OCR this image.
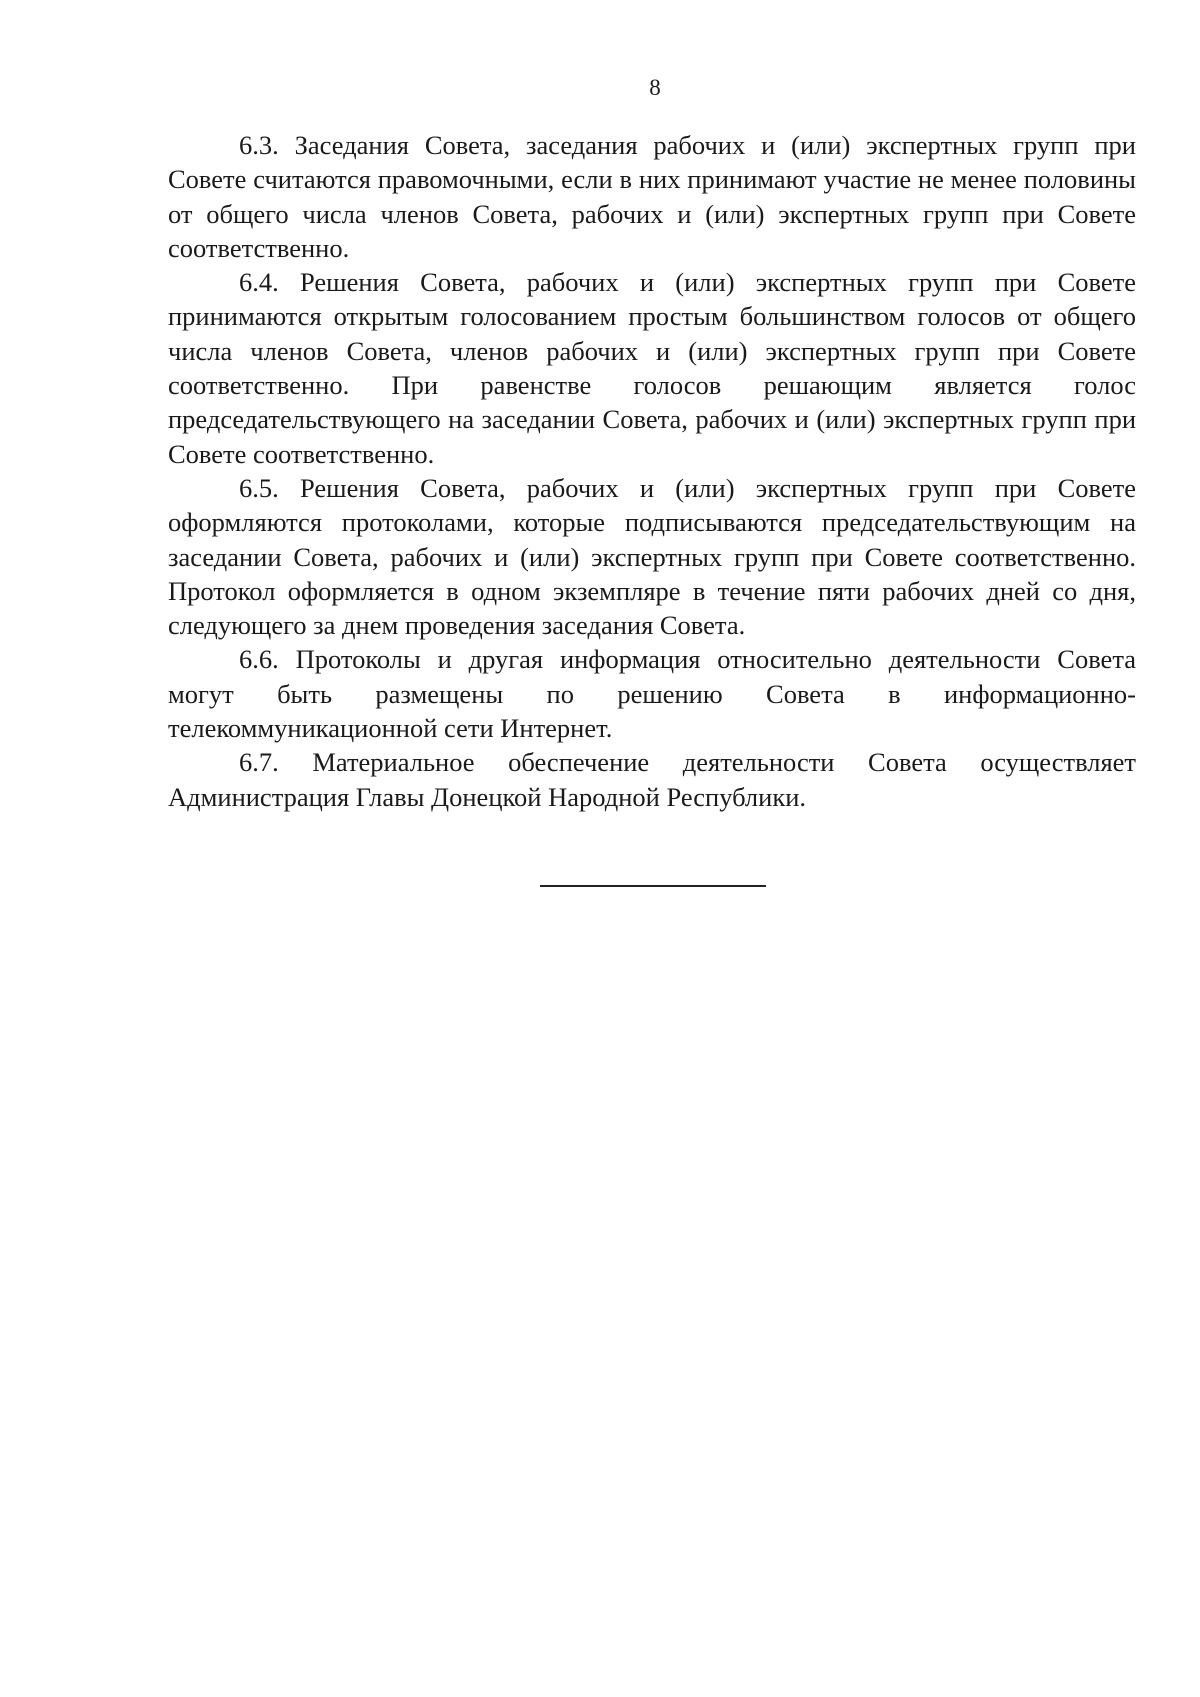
8

6.3. Заседания Совета, заседания рабочих и (или) экспертных групп при Совете считаются правомочными, если в них принимают участие не менее половины от общего числа членов Совета, рабочих и (или) экспертных групп при Совете соответственно.

6.4. Решения Совета, рабочих и (или) экспертных групп при Совете принимаются открытым голосованием простым большинством голосов от общего числа членов Совета, членов рабочих и (или) экспертных групп при Совете соответственно. При равенстве голосов решающим является голос председательствующего на заседании Совета, рабочих и (или) экспертных групп при Совете соответственно.

6.5. Решения Совета, рабочих и (или) экспертных групп при Совете оформляются протоколами, которые подписываются председательствующим на заседании Совета, рабочих и (или) экспертных групп при Совете соответственно. Протокол оформляется в одном экземпляре в течение пяти рабочих дней со дня, следующего за днем проведения заседания Совета.

6.6. Протоколы и другая информация относительно деятельности Совета могут быть размещены по решению Совета в информационно-телекоммуникационной сети Интернет.

6.7. Материальное обеспечение деятельности Совета осуществляет Администрация Главы Донецкой Народной Республики.
